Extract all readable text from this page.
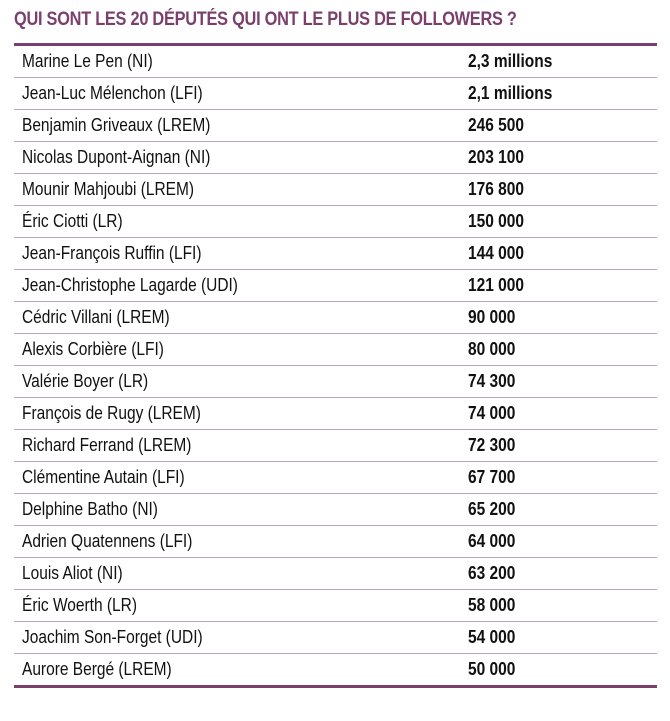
QUI SONT LES 20 DÉPUTÉS QUI ONT LE PLUS DE FOLLOWERS ?
Marine Le Pen (NI)	2,3 millions
Jean-Luc Mélenchon (LFI)	2,1 millions
Benjamin Griveaux (LREM)	246 500
Nicolas Dupont-Aignan (NI)	203 100
Mounir Mahjoubi (LREM)	176 800
Éric Ciotti (LR)	150 000
Jean-François Ruffin (LFI)	144 000
Jean-Christophe Lagarde (UDI)	121 000
Cédric Villani (LREM)	90 000
Alexis Corbière (LFI)	80 000
Valérie Boyer (LR)	74 300
François de Rugy (LREM)	74 000
Richard Ferrand (LREM)	72 300
Clémentine Autain (LFI)	67 700
Delphine Batho (NI)	65 200
Adrien Quatennens (LFI)	64 000
Louis Aliot (NI)	63 200
Éric Woerth (LR)	58 000
Joachim Son-Forget (UDI)	54 000
Aurore Bergé (LREM)	50 000
